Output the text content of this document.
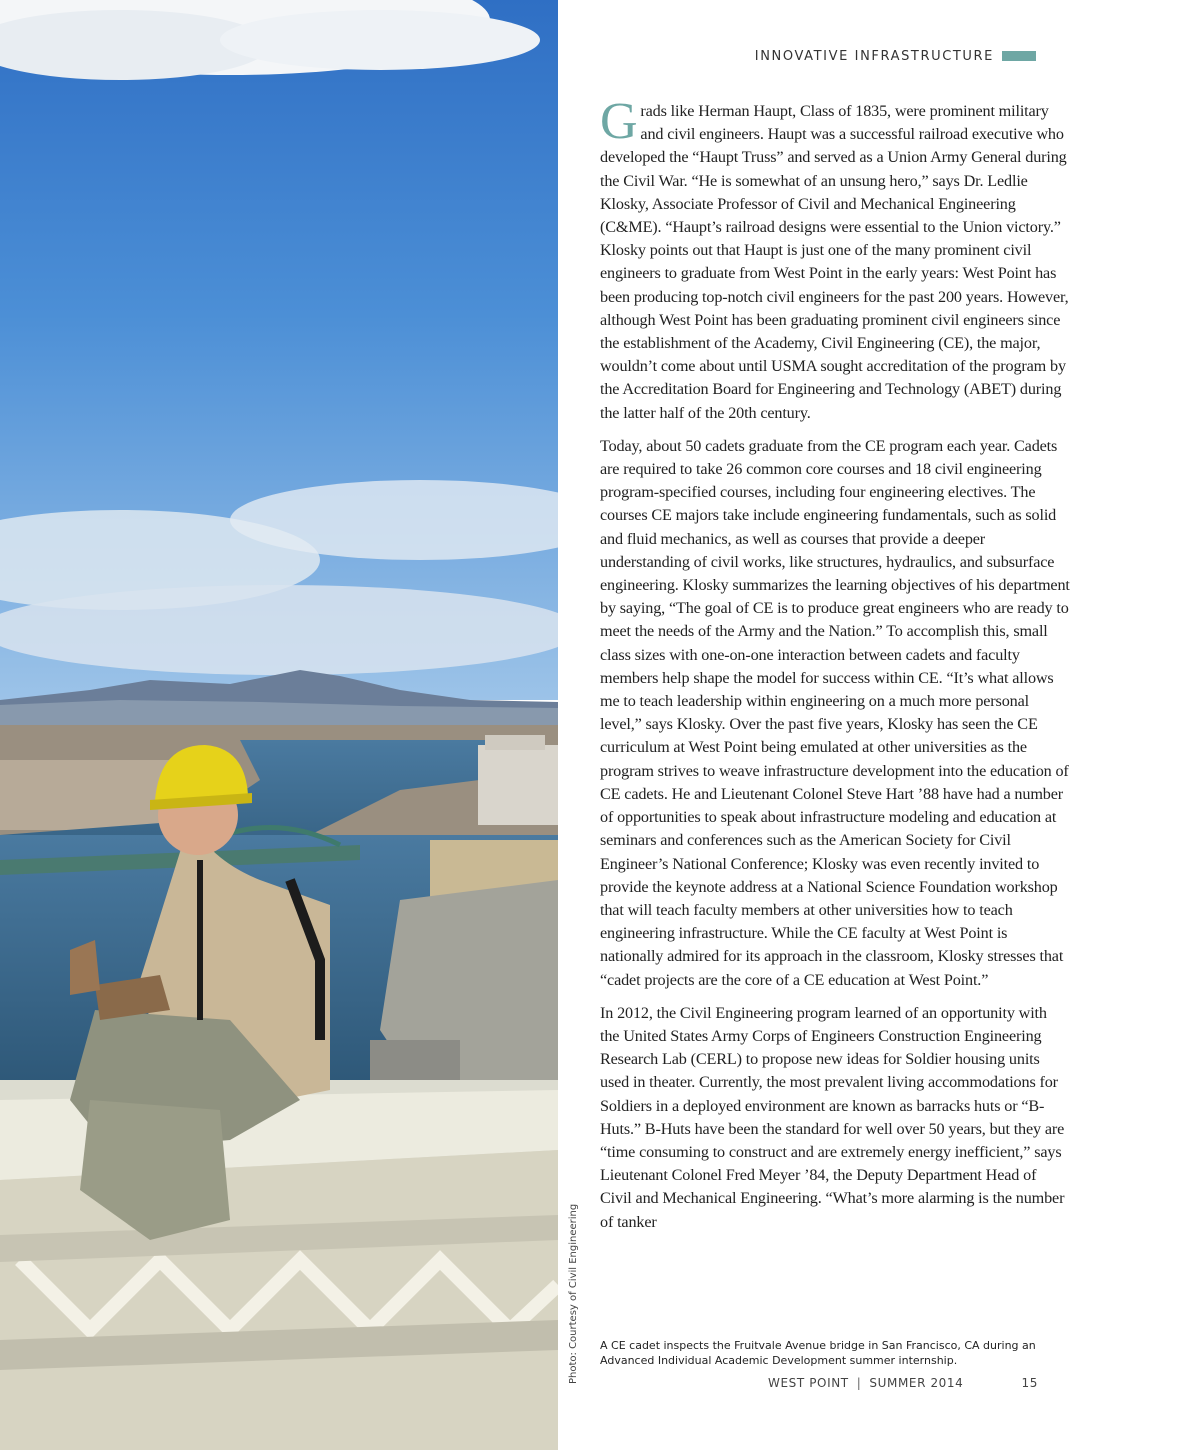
Photo: Courtesy of Civil Engineering
INNOVATIVE INFRASTRUCTURE

Grads like Herman Haupt, Class of 1835, were prominent military and civil engineers. Haupt was a successful railroad executive who developed the “Haupt Truss” and served as a Union Army General during the Civil War. “He is somewhat of an unsung hero,” says Dr. Ledlie Klosky, Associate Professor of Civil and Mechanical Engineering (C&ME). “Haupt’s railroad designs were essential to the Union victory.” Klosky points out that Haupt is just one of the many prominent civil engineers to graduate from West Point in the early years: West Point has been producing top-notch civil engineers for the past 200 years. However, although West Point has been graduating prominent civil engineers since the establishment of the Academy, Civil Engineering (CE), the major, wouldn’t come about until USMA sought accreditation of the program by the Accreditation Board for Engineering and Technology (ABET) during the latter half of the 20th century.

Today, about 50 cadets graduate from the CE program each year. Cadets are required to take 26 common core courses and 18 civil engineering program-specified courses, including four engineering electives. The courses CE majors take include engineering fundamentals, such as solid and fluid mechanics, as well as courses that provide a deeper understanding of civil works, like structures, hydraulics, and subsurface engineering. Klosky summarizes the learning objectives of his department by saying, “The goal of CE is to produce great engineers who are ready to meet the needs of the Army and the Nation.” To accomplish this, small class sizes with one-on-one interaction between cadets and faculty members help shape the model for success within CE. “It’s what allows me to teach leadership within engineering on a much more personal level,” says Klosky. Over the past five years, Klosky has seen the CE curriculum at West Point being emulated at other universities as the program strives to weave infrastructure development into the education of CE cadets. He and Lieutenant Colonel Steve Hart ’88 have had a number of opportunities to speak about infrastructure modeling and education at seminars and conferences such as the American Society for Civil Engineer’s National Conference; Klosky was even recently invited to provide the keynote address at a National Science Foundation workshop that will teach faculty members at other universities how to teach engineering infrastructure. While the CE faculty at West Point is nationally admired for its approach in the classroom, Klosky stresses that “cadet projects are the core of a CE education at West Point.”

In 2012, the Civil Engineering program learned of an opportunity with the United States Army Corps of Engineers Construction Engineering Research Lab (CERL) to propose new ideas for Soldier housing units used in theater. Currently, the most prevalent living accommodations for Soldiers in a deployed environment are known as barracks huts or “B-Huts.” B-Huts have been the standard for well over 50 years, but they are “time consuming to construct and are extremely energy inefficient,” says Lieutenant Colonel Fred Meyer ’84, the Deputy Department Head of Civil and Mechanical Engineering. “What’s more alarming is the number of tanker

A CE cadet inspects the Fruitvale Avenue bridge in San Francisco, CA during an Advanced Individual Academic Development summer internship.
WEST POINT | SUMMER 2014	15
